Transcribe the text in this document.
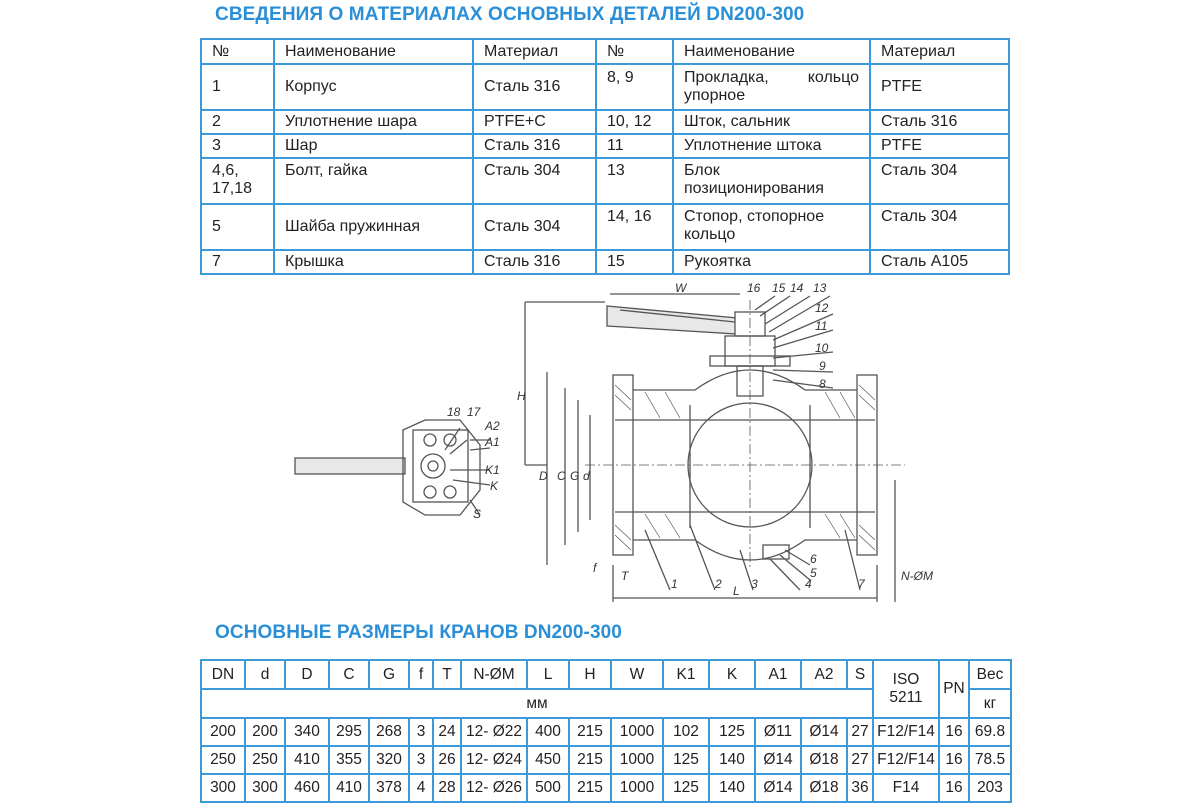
СВЕДЕНИЯ О МАТЕРИАЛАХ ОСНОВНЫХ ДЕТАЛЕЙ DN200-300
№	Наименование	Материал	№	Наименование	Материал
1	Корпус	Сталь 316	8, 9	Прокладка, кольцо упорное	PTFE
2	Уплотнение шара	PTFE+C	10, 12	Шток, сальник	Сталь 316
3	Шар	Сталь 316	11	Уплотнение штока	PTFE
4,6, 17,18	Болт, гайка	Сталь 304	13	Блок позиционирования	Сталь 304
5	Шайба пружинная	Сталь 304	14, 16	Стопор, стопорное кольцо	Сталь 304
7	Крышка	Сталь 316	15	Рукоятка	Сталь A105
W	16 15 14 13
12
11
10
9
8
18 17
A2
A1
K1
K
S
H
D C G d
f
T
L
N-ØM
1	2 3	4
5
6
7
ОСНОВНЫЕ РАЗМЕРЫ КРАНОВ DN200-300
DN	d	D	C	G	f	T	N-ØM	L	H	W	K1	K	A1	A2	S	ISO 5211	PN	Вес
мм																		кг
200	200	340	295	268	3	24	12- Ø22	400	215	1000	102	125	Ø11	Ø14	27	F12/F14	16	69.8
250	250	410	355	320	3	26	12- Ø24	450	215	1000	125	140	Ø14	Ø18	27	F12/F14	16	78.5
300	300	460	410	378	4	28	12- Ø26	500	215	1000	125	140	Ø14	Ø18	36	F14	16	203
